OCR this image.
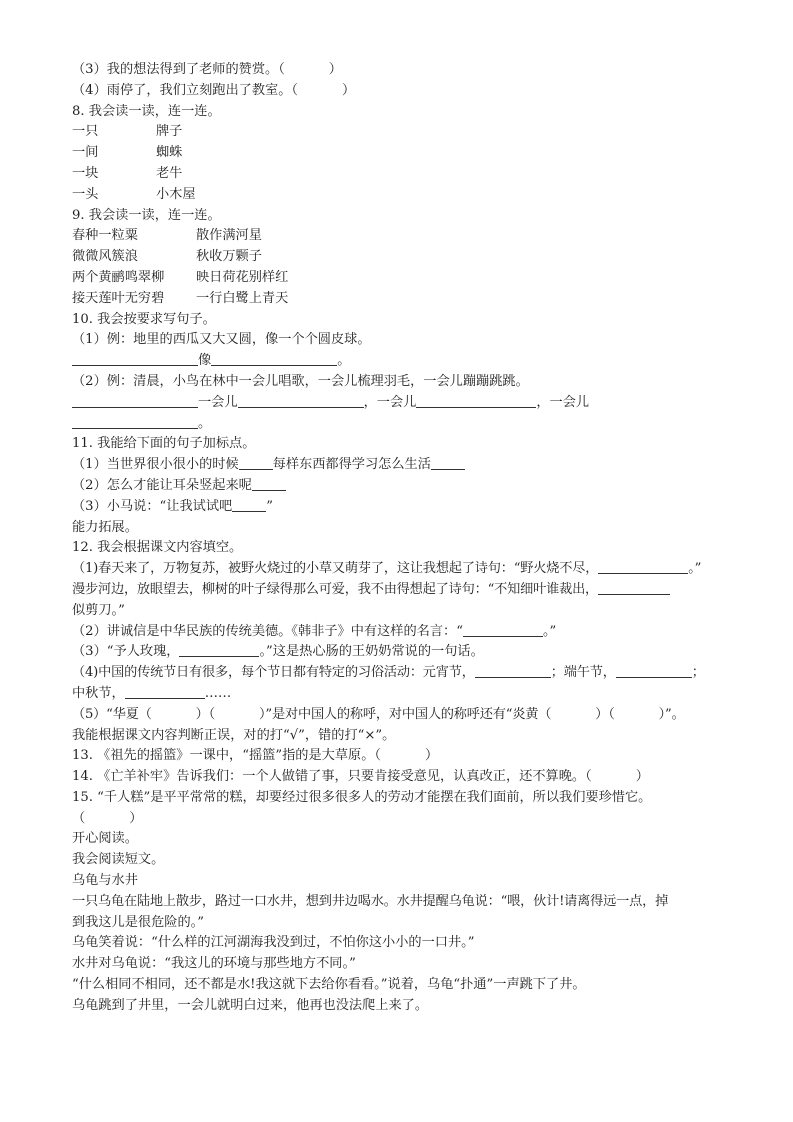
（3）我的想法得到了老师的赞赏。（	）
（4）雨停了，我们立刻跑出了教室。（	）
8. 我会读一读，连一连。
一只	牌子
一间	蜘蛛
一块	老牛
一头	小木屋
9. 我会读一读，连一连。
春种一粒粟	散作满河星
微微风簇浪	秋收万颗子
两个黄鹂鸣翠柳 映日荷花别样红
接天莲叶无穷碧 一行白鹭上青天
10. 我会按要求写句子。
（1）例：地里的西瓜又大又圆，像一个个圆皮球。
像	。
（2）例：清晨，小鸟在林中一会儿唱歌，一会儿梳理羽毛，一会儿蹦蹦跳跳。
一会儿	，一会儿	，一会儿
。
11. 我能给下面的句子加标点。
（1）当世界很小很小的时候	每样东西都得学习怎么生活
（2）怎么才能让耳朵竖起来呢
（3）小马说：“让我试试吧	”
能力拓展。
12. 我会根据课文内容填空。
（1)春天来了，万物复苏，被野火烧过的小草又萌芽了，这让我想起了诗句：“野火烧不尽，	。”
漫步河边，放眼望去，柳树的叶子绿得那么可爱，我不由得想起了诗句：“不知细叶谁裁出，
似剪刀。”
（2）讲诚信是中华民族的传统美德。《韩非子》中有这样的名言：“	。”
（3）“予人玫瑰，	。”这是热心肠的王奶奶常说的一句话。
（4)中国的传统节日有很多，每个节日都有特定的习俗活动：元宵节，	；端午节，	；
中秋节，	……
（5）“华夏（	）（	）”是对中国人的称呼，对中国人的称呼还有“炎黄（	）（	）”。
我能根据课文内容判断正误，对的打“√”，错的打“×”。
13. 《祖先的摇篮》一课中，“摇篮”指的是大草原。（	）
14. 《亡羊补牢》告诉我们：一个人做错了事，只要肯接受意见，认真改正，还不算晚。（	）
15. “千人糕”是平平常常的糕，却要经过很多很多人的劳动才能摆在我们面前，所以我们要珍惜它。
（	）
开心阅读。
我会阅读短文。
乌龟与水井
一只乌龟在陆地上散步，路过一口水井，想到井边喝水。水井提醒乌龟说：“喂，伙计!请离得远一点，掉
到我这儿是很危险的。”
乌龟笑着说：“什么样的江河湖海我没到过，不怕你这小小的一口井。”
水井对乌龟说：“我这儿的环境与那些地方不同。”
“什么相同不相同，还不都是水!我这就下去给你看看。”说着，乌龟“扑通”一声跳下了井。
乌龟跳到了井里，一会儿就明白过来，他再也没法爬上来了。
